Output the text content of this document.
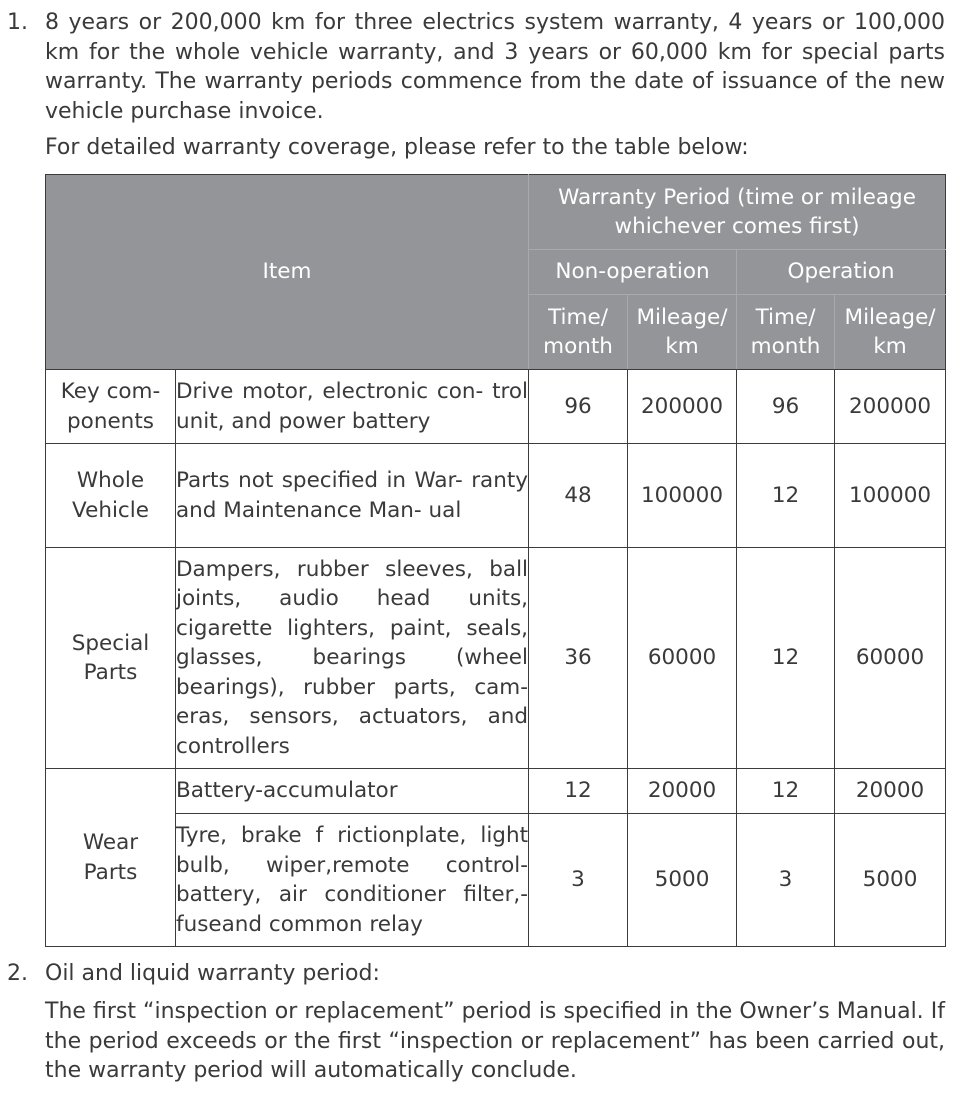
1. 8 years or 200,000 km for three electrics system warranty, 4 years or 100,000 km for the whole vehicle warranty, and 3 years or 60,000 km for special parts warranty. The warranty periods commence from the date of issuance of the new vehicle purchase invoice.
For detailed warranty coverage, please refer to the table below:
Item		Warranty Period (time or mileage whichever comes first)			
		Non-operation		Operation	
		Time/ month	Mileage/ km	Time/ month	Mileage/ km
Key com- ponents	Drive motor, electronic con- trol unit, and power battery	96	200000	96	200000
Whole Vehicle	Parts not specified in War- ranty and Maintenance Man- ual	48	100000	12	100000
Special Parts	Dampers, rubber sleeves, ball joints, audio head units, cigarette lighters, paint, seals, glasses, bearings (wheel bearings), rubber parts, cam- eras, sensors, actuators, and controllers	36	60000	12	60000
Wear Parts	Battery-accumulator	12	20000	12	20000
	Tyre, brake f rictionplate, light bulb, wiper,remote control- battery, air conditioner filter,- fuseand common relay	3	5000	3	5000
2. Oil and liquid warranty period:
The first “inspection or replacement” period is specified in the Owner’s Manual. If the period exceeds or the first “inspection or replacement” has been carried out, the warranty period will automatically conclude.
